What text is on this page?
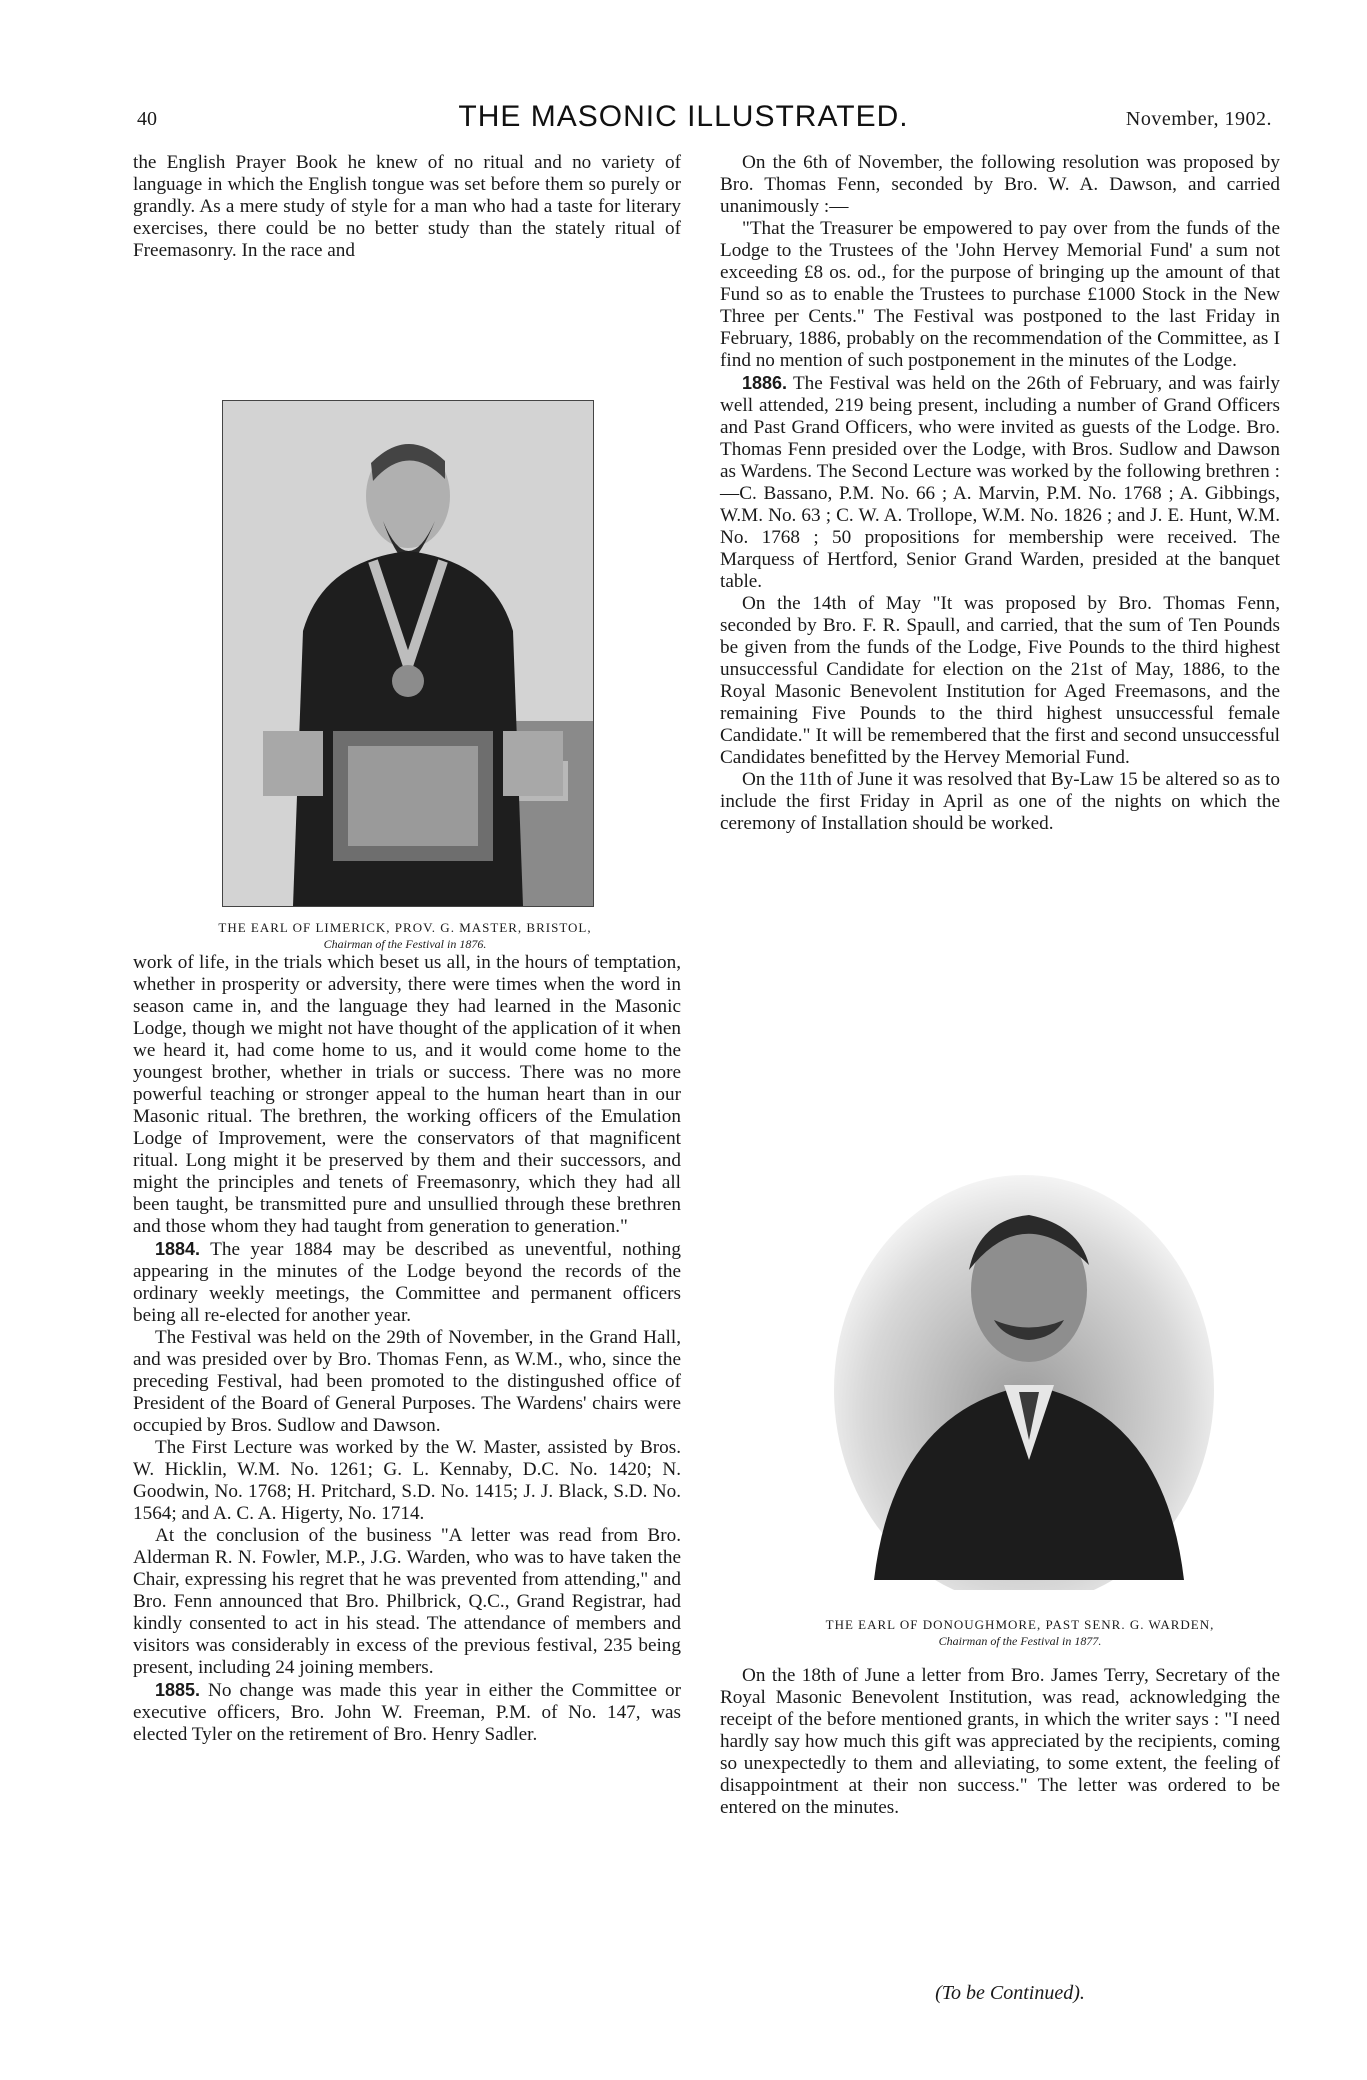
40	THE MASONIC ILLUSTRATED.	November, 1902.

the English Prayer Book he knew of no ritual and no variety of language in which the English tongue was set before them so purely or grandly. As a mere study of style for a man who had a taste for literary exercises, there could be no better study than the stately ritual of Freemasonry. In the race and

THE EARL OF LIMERICK, PROV. G. MASTER, BRISTOL,
Chairman of the Festival in 1876.

work of life, in the trials which beset us all, in the hours of temptation, whether in prosperity or adversity, there were times when the word in season came in, and the language they had learned in the Masonic Lodge, though we might not have thought of the application of it when we heard it, had come home to us, and it would come home to the youngest brother, whether in trials or success. There was no more powerful teaching or stronger appeal to the human heart than in our Masonic ritual. The brethren, the working officers of the Emulation Lodge of Improvement, were the conservators of that magnificent ritual. Long might it be preserved by them and their successors, and might the principles and tenets of Freemasonry, which they had all been taught, be transmitted pure and unsullied through these brethren and those whom they had taught from generation to generation."

1884. The year 1884 may be described as uneventful, nothing appearing in the minutes of the Lodge beyond the records of the ordinary weekly meetings, the Committee and permanent officers being all re-elected for another year.

The Festival was held on the 29th of November, in the Grand Hall, and was presided over by Bro. Thomas Fenn, as W.M., who, since the preceding Festival, had been promoted to the distingushed office of President of the Board of General Purposes. The Wardens' chairs were occupied by Bros. Sudlow and Dawson.

The First Lecture was worked by the W. Master, assisted by Bros. W. Hicklin, W.M. No. 1261; G. L. Kennaby, D.C. No. 1420; N. Goodwin, No. 1768; H. Pritchard, S.D. No. 1415; J. J. Black, S.D. No. 1564; and A. C. A. Higerty, No. 1714.

At the conclusion of the business "A letter was read from Bro. Alderman R. N. Fowler, M.P., J.G. Warden, who was to have taken the Chair, expressing his regret that he was prevented from attending," and Bro. Fenn announced that Bro. Philbrick, Q.C., Grand Registrar, had kindly consented to act in his stead. The attendance of members and visitors was considerably in excess of the previous festival, 235 being present, including 24 joining members.

1885. No change was made this year in either the Committee or executive officers, Bro. John W. Freeman, P.M. of No. 147, was elected Tyler on the retirement of Bro. Henry Sadler.

On the 6th of November, the following resolution was proposed by Bro. Thomas Fenn, seconded by Bro. W. A. Dawson, and carried unanimously :—

"That the Treasurer be empowered to pay over from the funds of the Lodge to the Trustees of the 'John Hervey Memorial Fund' a sum not exceeding £8 os. od., for the purpose of bringing up the amount of that Fund so as to enable the Trustees to purchase £1000 Stock in the New Three per Cents." The Festival was postponed to the last Friday in February, 1886, probably on the recommendation of the Committee, as I find no mention of such postponement in the minutes of the Lodge.

1886. The Festival was held on the 26th of February, and was fairly well attended, 219 being present, including a number of Grand Officers and Past Grand Officers, who were invited as guests of the Lodge. Bro. Thomas Fenn presided over the Lodge, with Bros. Sudlow and Dawson as Wardens. The Second Lecture was worked by the following brethren :—C. Bassano, P.M. No. 66 ; A. Marvin, P.M. No. 1768 ; A. Gibbings, W.M. No. 63 ; C. W. A. Trollope, W.M. No. 1826 ; and J. E. Hunt, W.M. No. 1768 ; 50 propositions for membership were received. The Marquess of Hertford, Senior Grand Warden, presided at the banquet table.

On the 14th of May "It was proposed by Bro. Thomas Fenn, seconded by Bro. F. R. Spaull, and carried, that the sum of Ten Pounds be given from the funds of the Lodge, Five Pounds to the third highest unsuccessful Candidate for election on the 21st of May, 1886, to the Royal Masonic Benevolent Institution for Aged Freemasons, and the remaining Five Pounds to the third highest unsuccessful female Candidate." It will be remembered that the first and second unsuccessful Candidates benefitted by the Hervey Memorial Fund.

On the 11th of June it was resolved that By-Law 15 be altered so as to include the first Friday in April as one of the nights on which the ceremony of Installation should be worked.

THE EARL OF DONOUGHMORE, PAST SENR. G. WARDEN,
Chairman of the Festival in 1877.

On the 18th of June a letter from Bro. James Terry, Secretary of the Royal Masonic Benevolent Institution, was read, acknowledging the receipt of the before mentioned grants, in which the writer says : "I need hardly say how much this gift was appreciated by the recipients, coming so unexpectedly to them and alleviating, to some extent, the feeling of disappointment at their non success." The letter was ordered to be entered on the minutes.

(To be Continued).
